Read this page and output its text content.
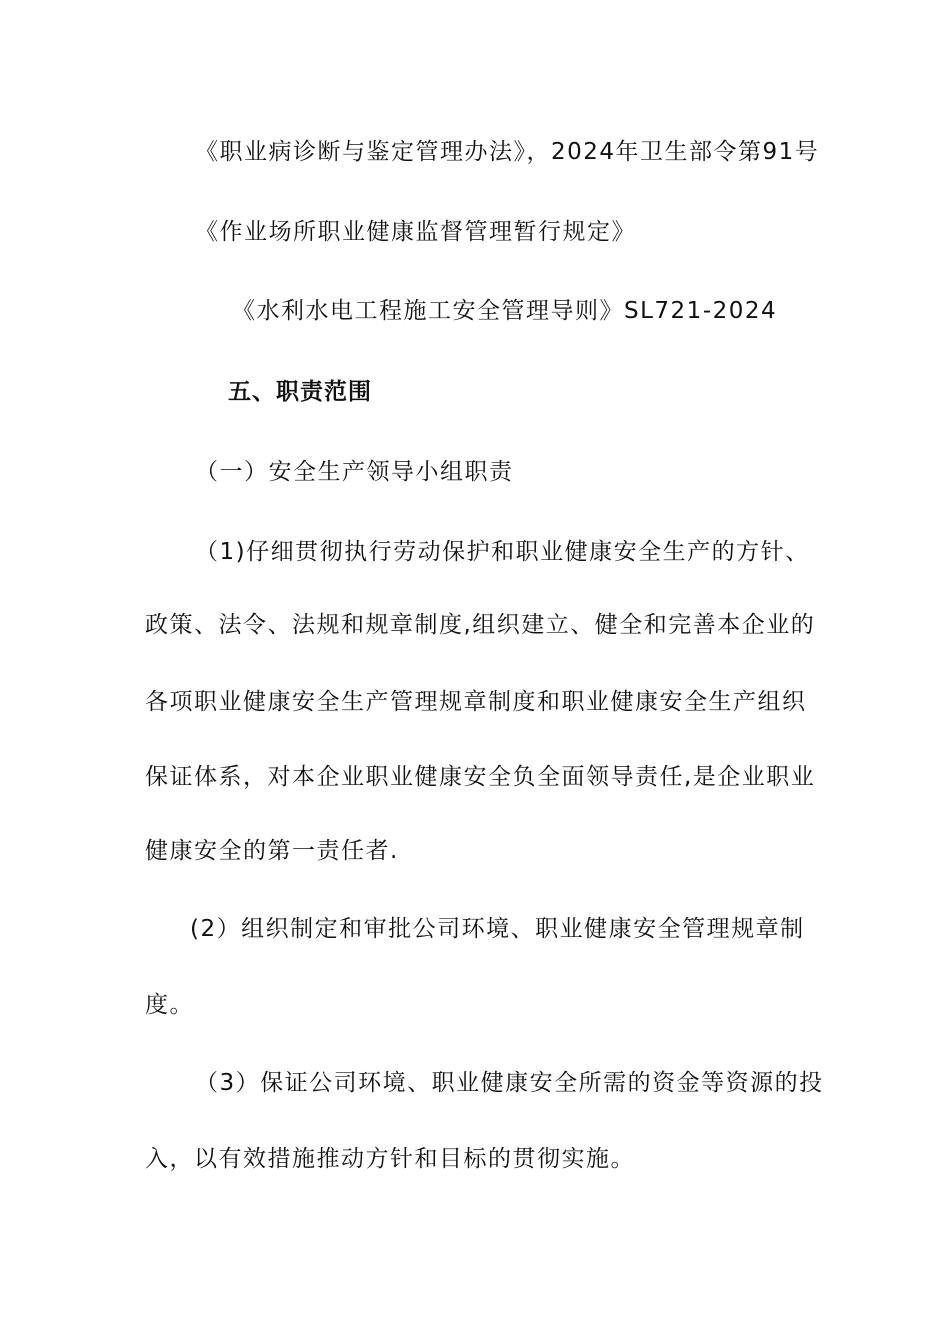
《职业病诊断与鉴定管理办法》，2024年卫生部令第91号
《作业场所职业健康监督管理暂行规定》
《水利水电工程施工安全管理导则》SL721-2024
五、职责范围
（一）安全生产领导小组职责
（1)仔细贯彻执行劳动保护和职业健康安全生产的方针、
政策、法令、法规和规章制度,组织建立、健全和完善本企业的
各项职业健康安全生产管理规章制度和职业健康安全生产组织
保证体系，对本企业职业健康安全负全面领导责任,是企业职业
健康安全的第一责任者.
(2）组织制定和审批公司环境、职业健康安全管理规章制
度。
（3）保证公司环境、职业健康安全所需的资金等资源的投
入，以有效措施推动方针和目标的贯彻实施。
